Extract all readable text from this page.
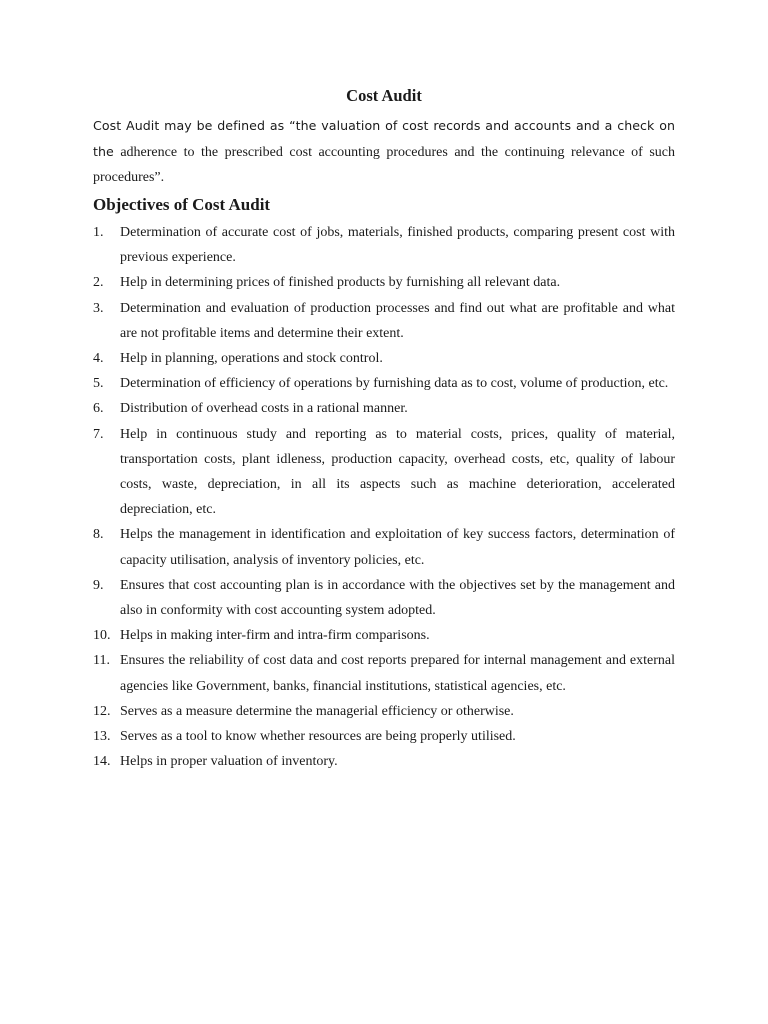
Cost Audit

Cost Audit may be defined as “the valuation of cost records and accounts and a check on the adherence to the prescribed cost accounting procedures and the continuing relevance of such procedures”.

Objectives of Cost Audit
1. Determination of accurate cost of jobs, materials, finished products, comparing present cost with previous experience.
2. Help in determining prices of finished products by furnishing all relevant data.
3. Determination and evaluation of production processes and find out what are profitable and what are not profitable items and determine their extent.
4. Help in planning, operations and stock control.
5. Determination of efficiency of operations by furnishing data as to cost, volume of production, etc.
6. Distribution of overhead costs in a rational manner.
7. Help in continuous study and reporting as to material costs, prices, quality of material, transportation costs, plant idleness, production capacity, overhead costs, etc, quality of labour costs, waste, depreciation, in all its aspects such as machine deterioration, accelerated depreciation, etc.
8. Helps the management in identification and exploitation of key success factors, determination of capacity utilisation, analysis of inventory policies, etc.
9. Ensures that cost accounting plan is in accordance with the objectives set by the management and also in conformity with cost accounting system adopted.
10. Helps in making inter-firm and intra-firm comparisons.
11. Ensures the reliability of cost data and cost reports prepared for internal management and external agencies like Government, banks, financial institutions, statistical agencies, etc.
12. Serves as a measure determine the managerial efficiency or otherwise.
13. Serves as a tool to know whether resources are being properly utilised.
14. Helps in proper valuation of inventory.
